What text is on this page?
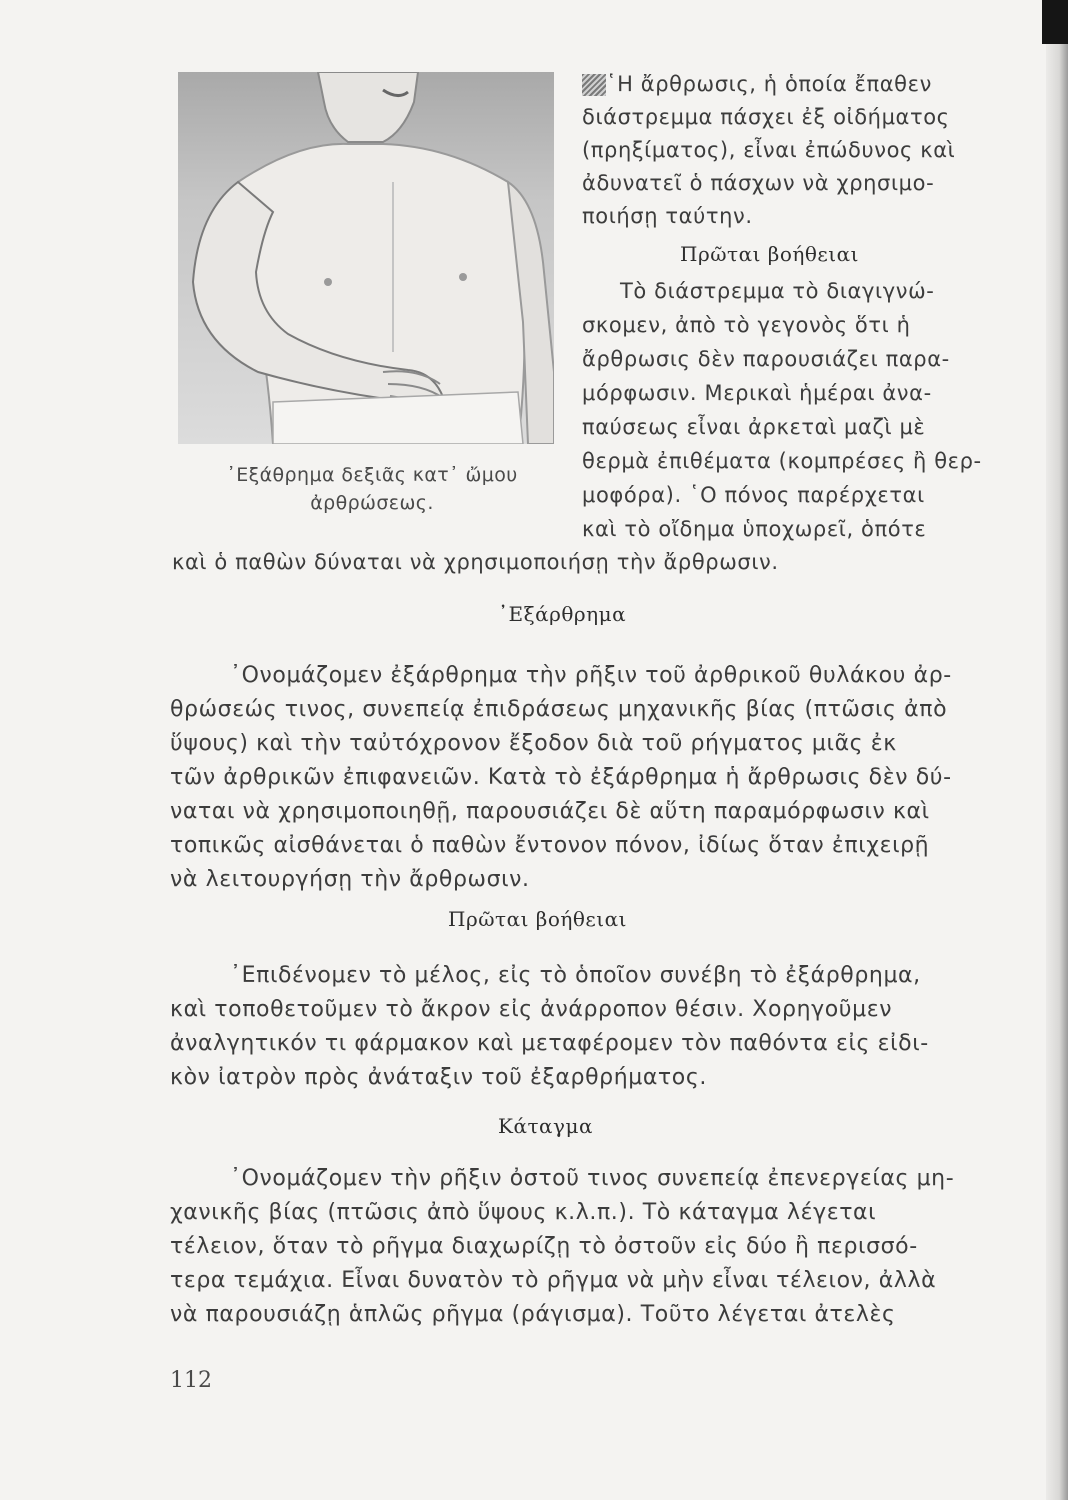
᾿Εξάθρημα δεξιᾶς κατ᾿ ὤμου
ἀρθρώσεως.
῾Η ἄρθρωσις, ἡ ὁποία ἔπαθεν
διάστρεμμα πάσχει ἐξ οἰδήματος
(πρηξίματος), εἶναι ἐπώδυνος καὶ
ἀδυνατεῖ ὁ πάσχων νὰ χρησιμο-
ποιήσῃ ταύτην.
Πρῶται βοήθειαι
Τὸ διάστρεμμα τὸ διαγιγνώ-
σκομεν, ἀπὸ τὸ γεγονὸς ὅτι ἡ
ἄρθρωσις δὲν παρουσιάζει παρα-
μόρφωσιν. Μερικαὶ ἡμέραι ἀνα-
παύσεως εἶναι ἀρκεταὶ μαζὶ μὲ
θερμὰ ἐπιθέματα (κομπρέσες ἢ θερ-
μοφόρα). ῾Ο πόνος παρέρχεται
καὶ τὸ οἴδημα ὑποχωρεῖ, ὁπότε
καὶ ὁ παθὼν δύναται νὰ χρησιμοποιήσῃ τὴν ἄρθρωσιν.
᾿Εξάρθρημα
᾿Ονομάζομεν ἐξάρθρημα τὴν ρῆξιν τοῦ ἀρθρικοῦ θυλάκου ἀρ-
θρώσεώς τινος, συνεπείᾳ ἐπιδράσεως μηχανικῆς βίας (πτῶσις ἀπὸ
ὕψους) καὶ τὴν ταὐτόχρονον ἔξοδον διὰ τοῦ ρήγματος μιᾶς ἐκ
τῶν ἀρθρικῶν ἐπιφανειῶν. Κατὰ τὸ ἐξάρθρημα ἡ ἄρθρωσις δὲν δύ-
ναται νὰ χρησιμοποιηθῇ, παρουσιάζει δὲ αὕτη παραμόρφωσιν καὶ
τοπικῶς αἰσθάνεται ὁ παθὼν ἔντονον πόνον, ἰδίως ὅταν ἐπιχειρῇ
νὰ λειτουργήσῃ τὴν ἄρθρωσιν.
Πρῶται βοήθειαι
᾿Επιδένομεν τὸ μέλος, εἰς τὸ ὁποῖον συνέβη τὸ ἐξάρθρημα,
καὶ τοποθετοῦμεν τὸ ἄκρον εἰς ἀνάρροπον θέσιν. Χορηγοῦμεν
ἀναλγητικόν τι φάρμακον καὶ μεταφέρομεν τὸν παθόντα εἰς εἰδι-
κὸν ἰατρὸν πρὸς ἀνάταξιν τοῦ ἐξαρθρήματος.
Κάταγμα
᾿Ονομάζομεν τὴν ρῆξιν ὀστοῦ τινος συνεπείᾳ ἐπενεργείας μη-
χανικῆς βίας (πτῶσις ἀπὸ ὕψους κ.λ.π.). Τὸ κάταγμα λέγεται
τέλειον, ὅταν τὸ ρῆγμα διαχωρίζῃ τὸ ὀστοῦν εἰς δύο ἢ περισσό-
τερα τεμάχια. Εἶναι δυνατὸν τὸ ρῆγμα νὰ μὴν εἶναι τέλειον, ἀλλὰ
νὰ παρουσιάζῃ ἁπλῶς ρῆγμα (ράγισμα). Τοῦτο λέγεται ἀτελὲς
112
